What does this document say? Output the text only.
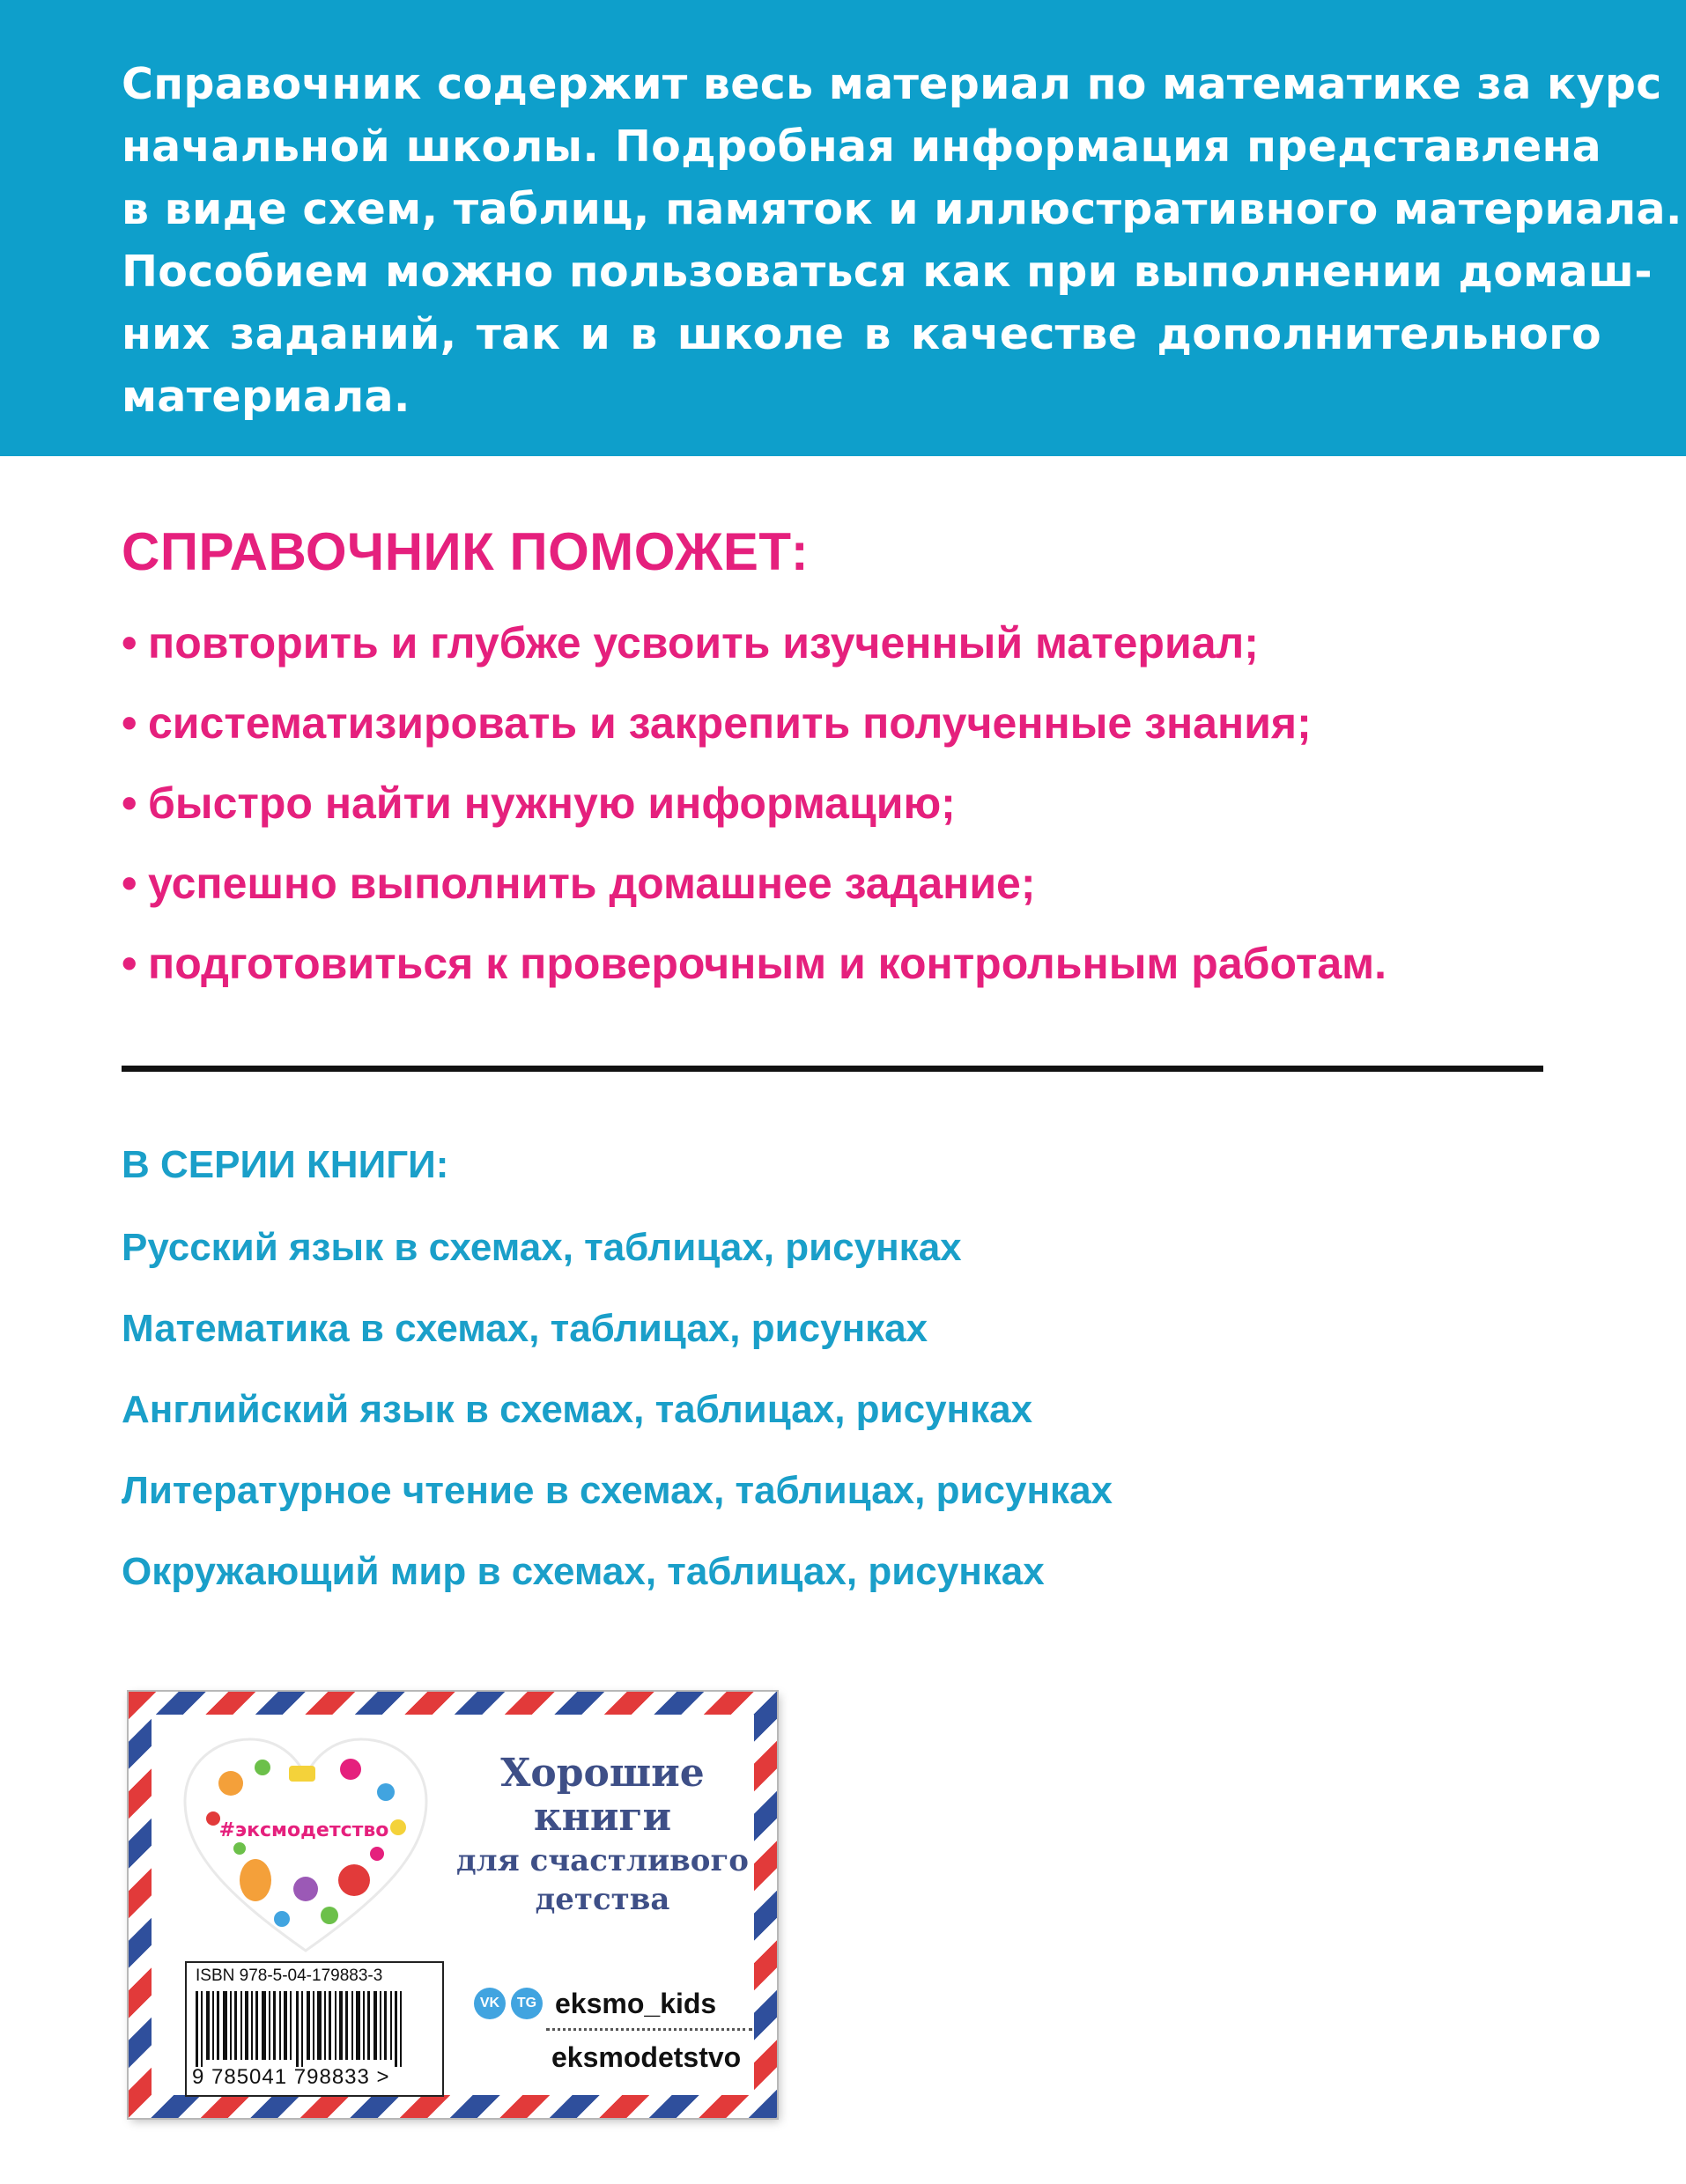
Справочник содержит весь материал по математике за курс
начальной школы. Подробная информация представлена
в виде схем, таблиц, памяток и иллюстративного материала.
Пособием можно пользоваться как при выполнении домаш-
них заданий, так и в школе в качестве дополнительного
материала.
СПРАВОЧНИК ПОМОЖЕТ:
• повторить и глубже усвоить изученный материал;
• систематизировать и закрепить полученные знания;
• быстро найти нужную информацию;
• успешно выполнить домашнее задание;
• подготовиться к проверочным и контрольным работам.
В СЕРИИ КНИГИ:
Русский язык в схемах, таблицах, рисунках
Математика в схемах, таблицах, рисунках
Английский язык в схемах, таблицах, рисунках
Литературное чтение в схемах, таблицах, рисунках
Окружающий мир в схемах, таблицах, рисунках
#эксмодетство
ISBN 978-5-04-179883-3
9 785041 798833 >
Хорошие
книги
для счастливого
детства
VK	TG eksmo_kids
eksmodetstvo
